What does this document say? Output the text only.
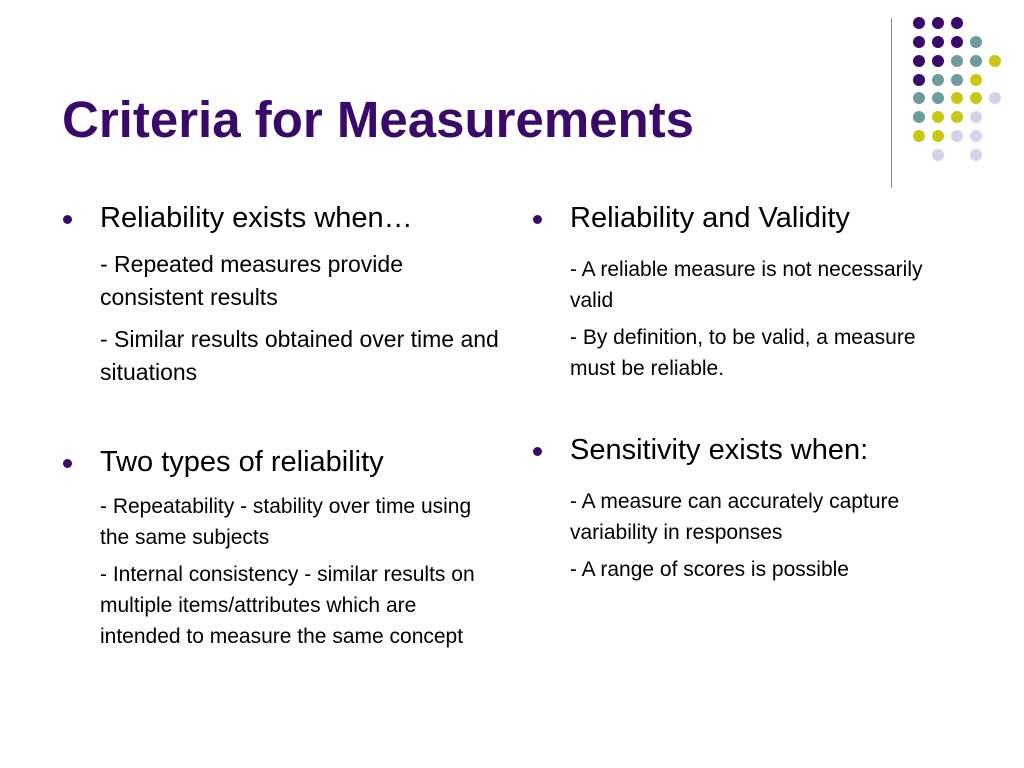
Criteria for Measurements
Reliability exists when…

- Repeated measures provide consistent results

- Similar results obtained over time and situations

Two types of reliability

- Repeatability - stability over time using the same subjects

- Internal consistency - similar results on multiple items/attributes which are intended to measure the same concept

Reliability and Validity

- A reliable measure is not necessarily valid

- By definition, to be valid, a measure must be reliable.

Sensitivity exists when:

- A measure can accurately capture variability in responses

- A range of scores is possible
